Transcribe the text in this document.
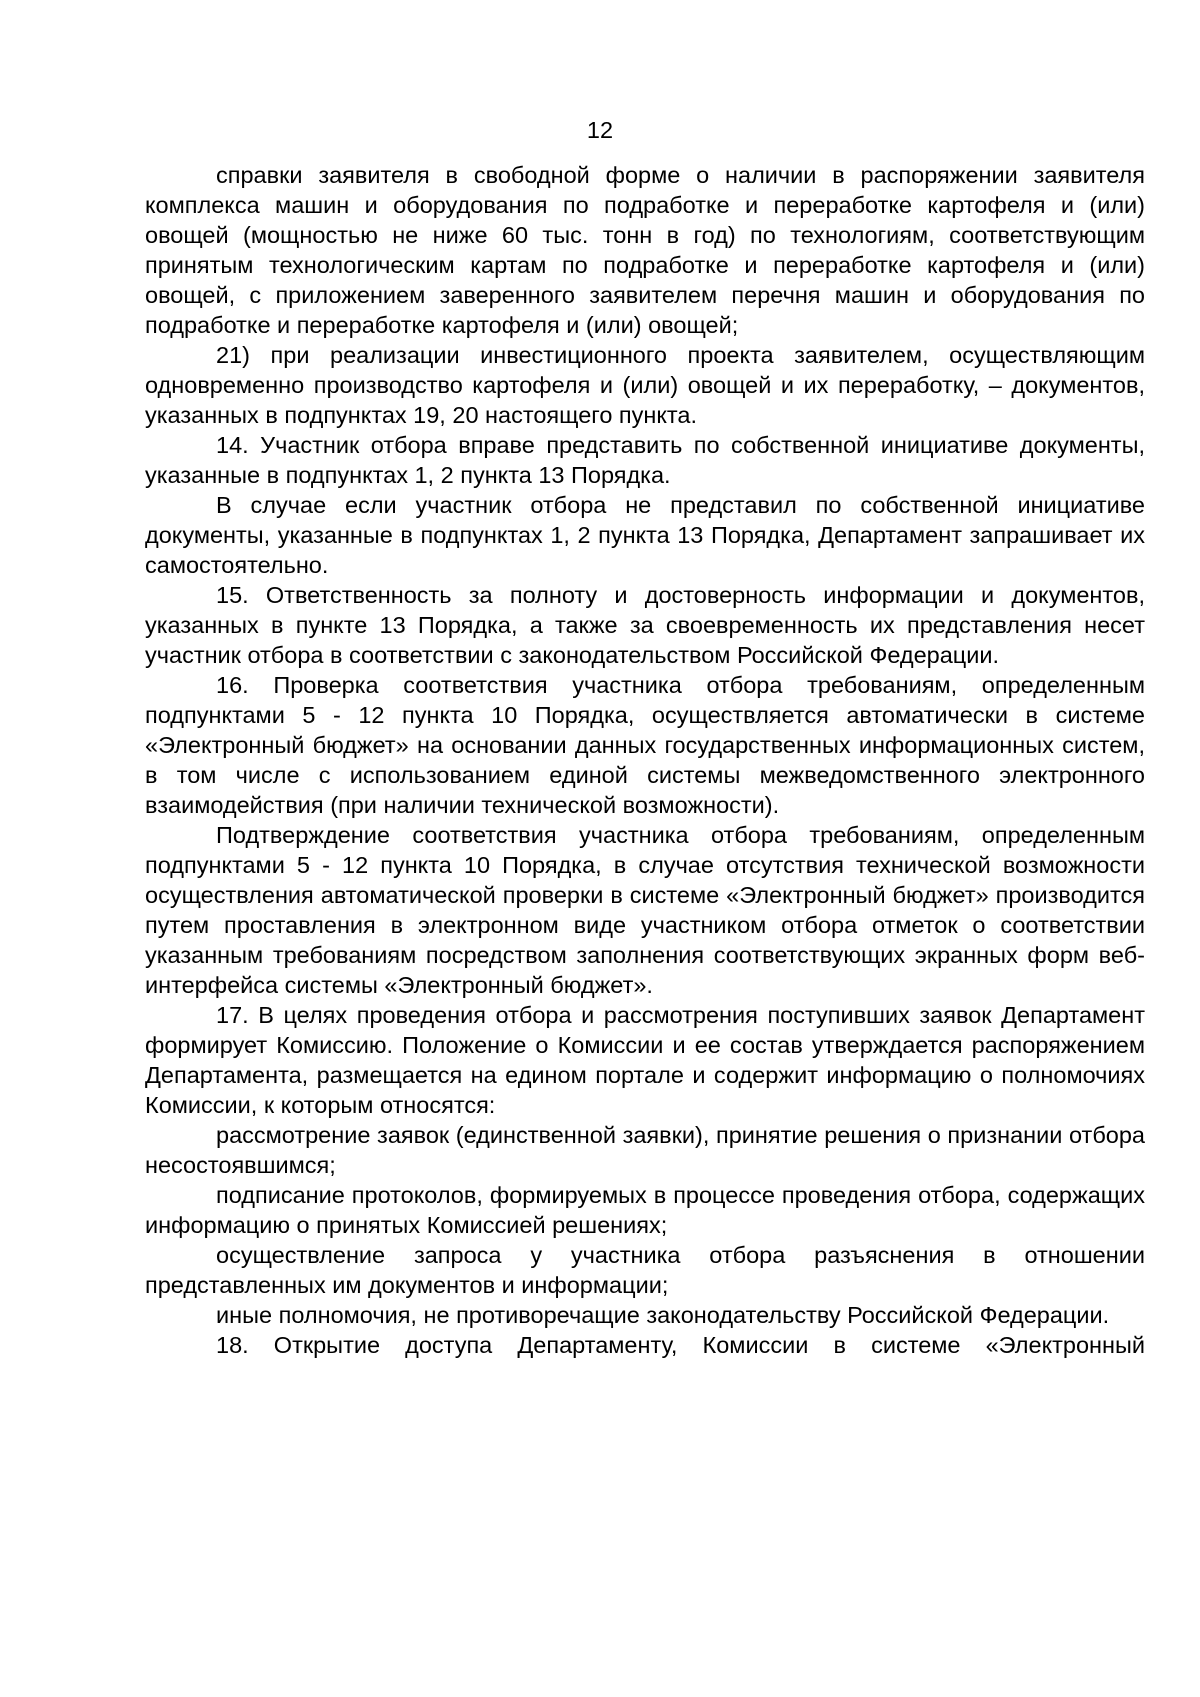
12

справки заявителя в свободной форме о наличии в распоряжении заявителя комплекса машин и оборудования по подработке и переработке картофеля и (или) овощей (мощностью не ниже 60 тыс. тонн в год) по технологиям, соответствующим принятым технологическим картам по подработке и переработке картофеля и (или) овощей, с приложением заверенного заявителем перечня машин и оборудования по подработке и переработке картофеля и (или) овощей;

21) при реализации инвестиционного проекта заявителем, осуществляющим одновременно производство картофеля и (или) овощей и их переработку, – документов, указанных в подпунктах 19, 20 настоящего пункта.

14. Участник отбора вправе представить по собственной инициативе документы, указанные в подпунктах 1, 2 пункта 13 Порядка.

В случае если участник отбора не представил по собственной инициативе документы, указанные в подпунктах 1, 2 пункта 13 Порядка, Департамент запрашивает их самостоятельно.

15. Ответственность за полноту и достоверность информации и документов, указанных в пункте 13 Порядка, а также за своевременность их представления несет участник отбора в соответствии с законодательством Российской Федерации.

16. Проверка соответствия участника отбора требованиям, определенным подпунктами 5 - 12 пункта 10 Порядка, осуществляется автоматически в системе «Электронный бюджет» на основании данных государственных информационных систем, в том числе с использованием единой системы межведомственного электронного взаимодействия (при наличии технической возможности).

Подтверждение соответствия участника отбора требованиям, определенным подпунктами 5 - 12 пункта 10 Порядка, в случае отсутствия технической возможности осуществления автоматической проверки в системе «Электронный бюджет» производится путем проставления в электронном виде участником отбора отметок о соответствии указанным требованиям посредством заполнения соответствующих экранных форм веб-интерфейса системы «Электронный бюджет».

17. В целях проведения отбора и рассмотрения поступивших заявок Департамент формирует Комиссию. Положение о Комиссии и ее состав утверждается распоряжением Департамента, размещается на едином портале и содержит информацию о полномочиях Комиссии, к которым относятся:

рассмотрение заявок (единственной заявки), принятие решения о признании отбора несостоявшимся;

подписание протоколов, формируемых в процессе проведения отбора, содержащих информацию о принятых Комиссией решениях;

осуществление запроса у участника отбора разъяснения в отношении представленных им документов и информации;

иные полномочия, не противоречащие законодательству Российской Федерации.

18. Открытие доступа Департаменту, Комиссии в системе «Электронный
